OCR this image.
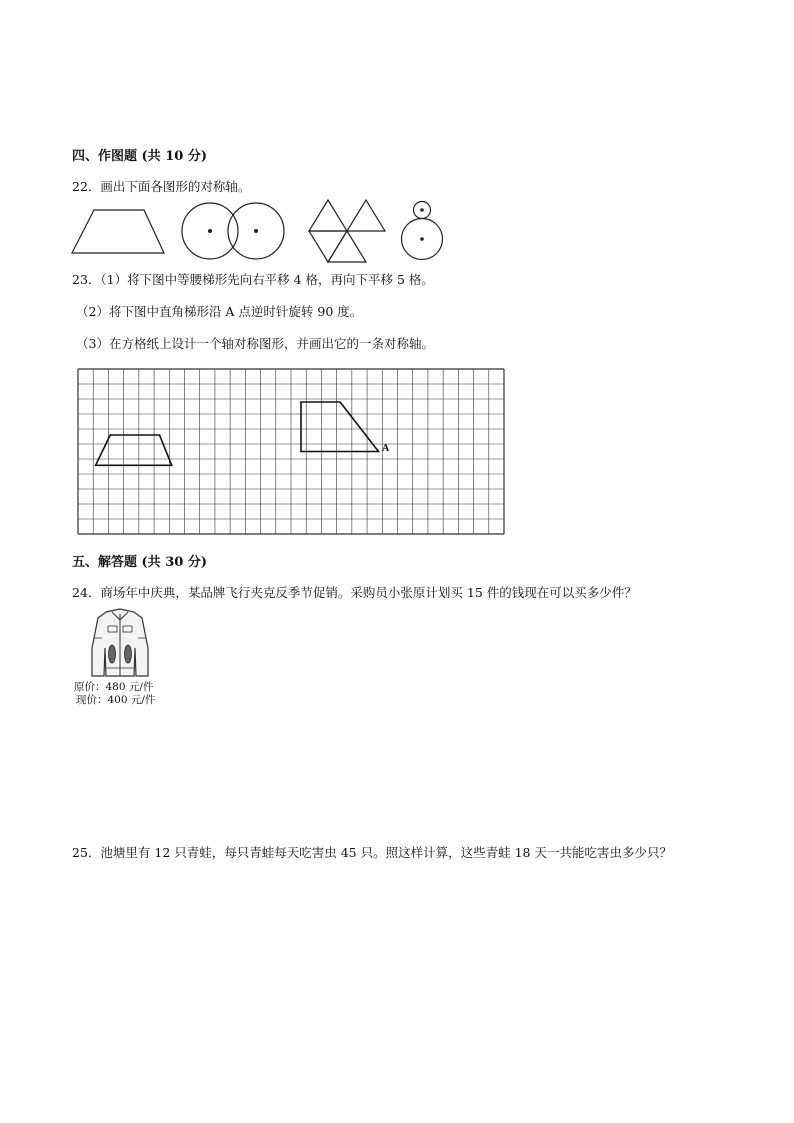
四、作图题 (共 10 分)
22．画出下面各图形的对称轴。
23．（1）将下图中等腰梯形先向右平移 4 格，再向下平移 5 格。
（2）将下图中直角梯形沿 A 点逆时针旋转 90 度。
（3）在方格纸上设计一个轴对称图形，并画出它的一条对称轴。
A
五、解答题 (共 30 分)
24．商场年中庆典，某品牌飞行夹克反季节促销。采购员小张原计划买 15 件的钱现在可以买多少件？
原价：480 元/件
现价：400 元/件
25．池塘里有 12 只青蛙，每只青蛙每天吃害虫 45 只。照这样计算，这些青蛙 18 天一共能吃害虫多少只？
